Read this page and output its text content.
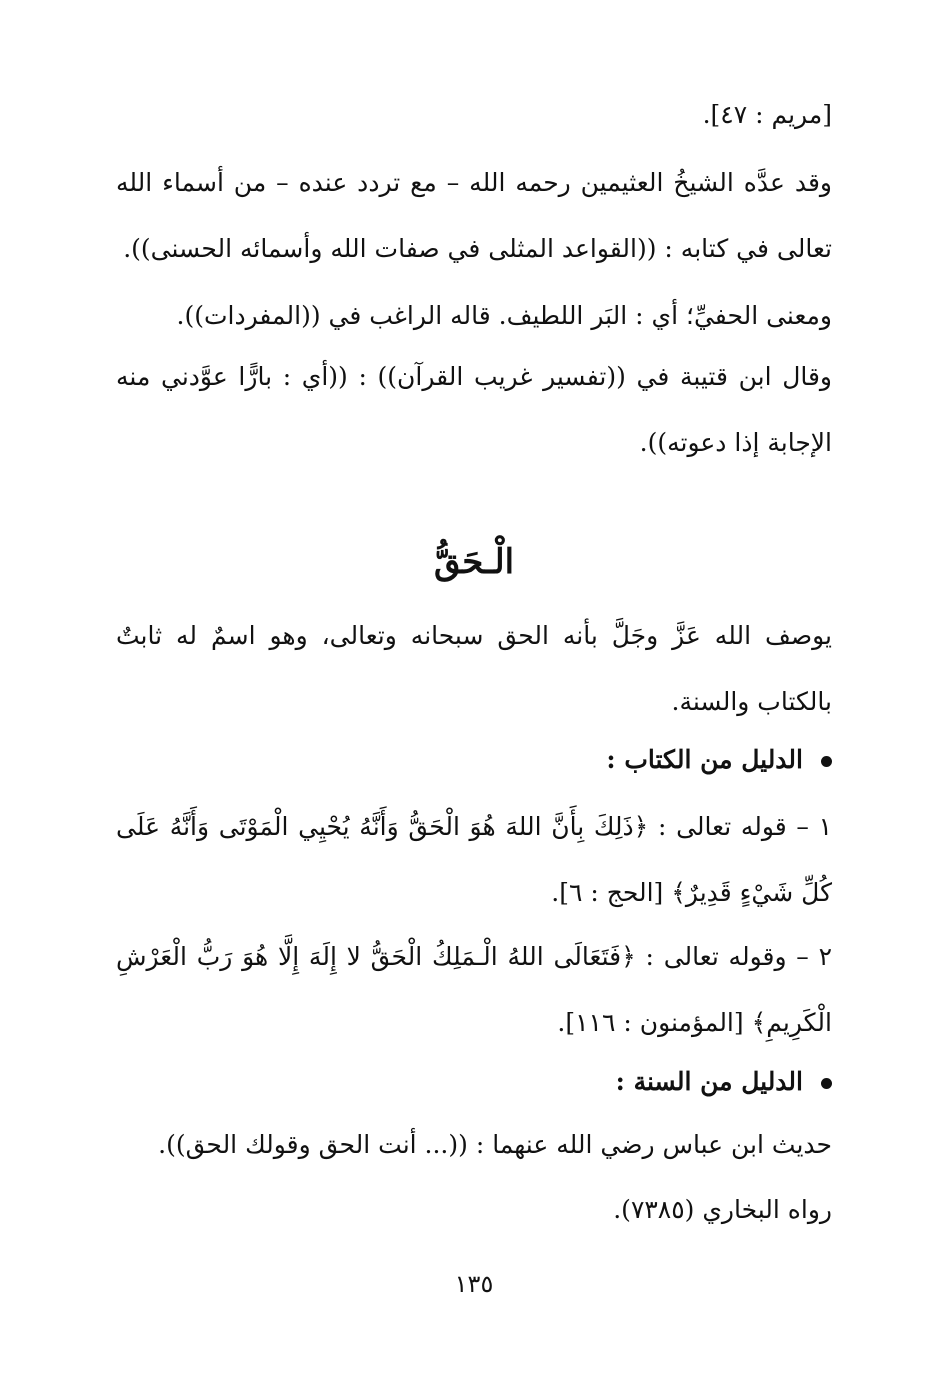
[مريم : ٤٧].
وقد عدَّه الشيخُ العثيمين رحمه الله – مع تردد عنده – من أسماء الله تعالى في كتابه : ((القواعد المثلى في صفات الله وأسمائه الحسنى)).
ومعنى الحفيِّ؛ أي : البَر اللطيف. قاله الراغب في ((المفردات)).
وقال ابن قتيبة في ((تفسير غريب القرآن)) : ((أي : بارًّا عوَّدني منه الإجابة إذا دعوته)).
الْـحَقُّ
يوصف الله عَزَّ وجَلَّ بأنه الحق سبحانه وتعالى، وهو اسمٌ له ثابتٌ بالكتاب والسنة.
الدليل من الكتاب :
١ – قوله تعالى : ﴿ذَلِكَ بِأَنَّ اللهَ هُوَ الْحَقُّ وَأَنَّهُ يُحْيِي الْمَوْتَى وَأَنَّهُ عَلَى كُلِّ شَيْءٍ قَدِيرٌ﴾ [الحج : ٦].
٢ – وقوله تعالى : ﴿فَتَعَالَى اللهُ الْـمَلِكُ الْحَقُّ لا إِلَهَ إِلَّا هُوَ رَبُّ الْعَرْشِ الْكَرِيمِ﴾ [المؤمنون : ١١٦].
الدليل من السنة :
حديث ابن عباس رضي الله عنهما : ((... أنت الحق وقولك الحق)).
رواه البخاري (٧٣٨٥).
١٣٥
